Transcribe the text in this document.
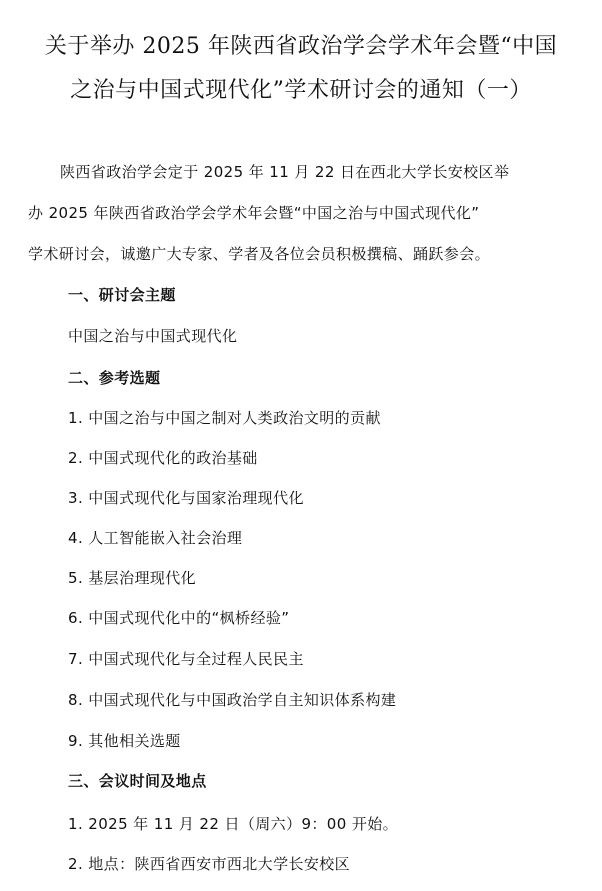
关于举办 2025 年陕西省政治学会学术年会暨“中国
之治与中国式现代化”学术研讨会的通知（一）
陕西省政治学会定于 2025 年 11 月 22 日在西北大学长安校区举
办 2025 年陕西省政治学会学术年会暨“中国之治与中国式现代化”
学术研讨会，诚邀广大专家、学者及各位会员积极撰稿、踊跃参会。
一、研讨会主题
中国之治与中国式现代化
二、参考选题
1. 中国之治与中国之制对人类政治文明的贡献
2. 中国式现代化的政治基础
3. 中国式现代化与国家治理现代化
4. 人工智能嵌入社会治理
5. 基层治理现代化
6. 中国式现代化中的“枫桥经验”
7. 中国式现代化与全过程人民民主
8. 中国式现代化与中国政治学自主知识体系构建
9. 其他相关选题
三、会议时间及地点
1. 2025 年 11 月 22 日（周六）9：00 开始。
2. 地点：陕西省西安市西北大学长安校区
